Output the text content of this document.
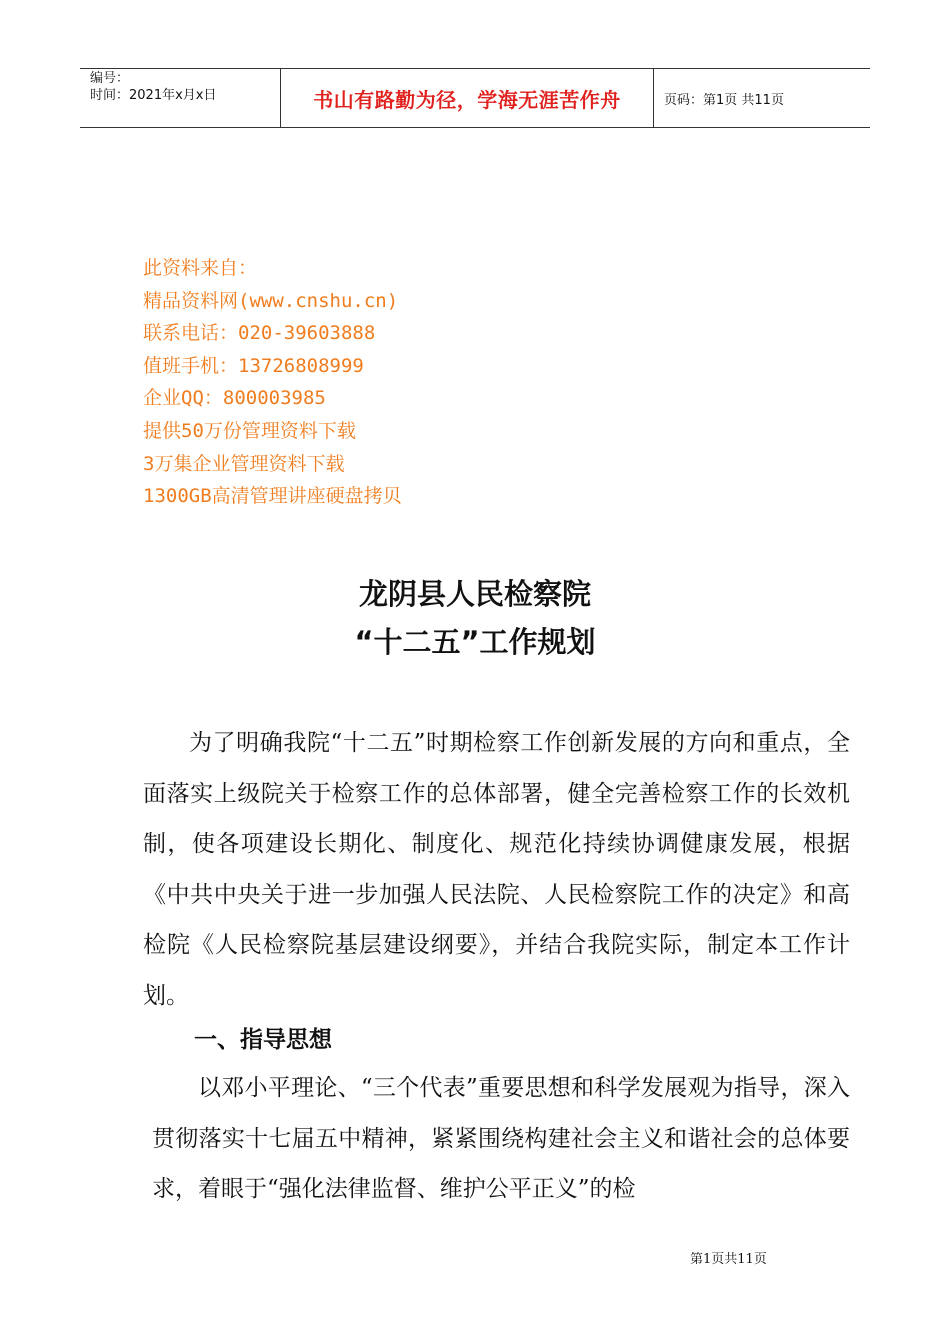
编号：
时间：2021年x月x日	书山有路勤为径，学海无涯苦作舟	页码：第1页 共11页
此资料来自：
精品资料网(www.cnshu.cn)
联系电话：020-39603888
值班手机：13726808999
企业QQ：800003985
提供50万份管理资料下载
3万集企业管理资料下载
1300GB高清管理讲座硬盘拷贝
龙阴县人民检察院
“十二五”工作规划
为了明确我院“十二五”时期检察工作创新发展的方向和重点，全面落实上级院关于检察工作的总体部署，健全完善检察工作的长效机制，使各项建设长期化、制度化、规范化持续协调健康发展，根据《中共中央关于进一步加强人民法院、人民检察院工作的决定》和高检院《人民检察院基层建设纲要》，并结合我院实际，制定本工作计划。
一、指导思想
以邓小平理论、“三个代表”重要思想和科学发展观为指导，深入贯彻落实十七届五中精神，紧紧围绕构建社会主义和谐社会的总体要求，着眼于“强化法律监督、维护公平正义”的检
第1页共11页
